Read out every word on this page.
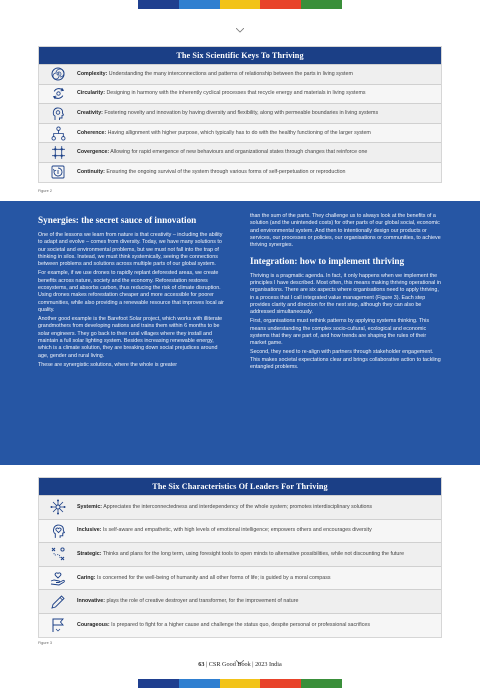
The Six Scientific Keys To Thriving
Complexity: Understanding the many interconnections and patterns of relationship between the parts in living system
Circularity: Designing in harmony with the inherently cyclical processes that recycle energy and materials in living systems
Creativity: Fostering novelty and innovation by having diversity and flexibility, along with permeable boundaries in living systems
Coherence: Having allignment with higher purpose, which typically has to do with the healthy functioning of the larger system
Covergence: Allowing for rapid emergence of new behaviours and organizational states through changes that reinforce one
Continuity: Ensuring the ongoing survival of the system through various forms of self-perpetuation or reproduction
Figure 2
Synergies: the secret sauce of innovation

One of the lessons we learn from nature is that creativity – including the ability to adapt and evolve – comes from diversity. Today, we have many solutions to our societal and environmental problems, but we must not fall into the trap of thinking in silos. Instead, we must think systemically, seeing the connections between problems and solutions across multiple parts of our global system.

For example, if we use drones to rapidly replant deforested areas, we create benefits across nature, society and the economy. Reforestation restores ecosystems, and absorbs carbon, thus reducing the risk of climate disruption. Using drones makes reforestation cheaper and more accessible for poorer communities, while also providing a renewable resource that improves local air quality.

Another good example is the Barefoot Solar project, which works with illiterate grandmothers from developing nations and trains them within 6 months to be solar engineers. They go back to their rural villages where they install and maintain a full solar lighting system. Besides increasing renewable energy, which is a climate solution, they are breaking down social prejudices around age, gender and rural living.

These are synergistic solutions, where the whole is greater

than the sum of the parts. They challenge us to always look at the benefits of a solution (and the unintended costs) for other parts of our global social, economic and environmental system. And then to intentionally design our products or services, our processes or policies, our organisations or communities, to achieve thriving synergies.

Integration: how to implement thriving

Thriving is a pragmatic agenda. In fact, it only happens when we implement the principles I have described. Most often, this means making thriving operational in organisations. There are six aspects where organisations need to apply thriving, in a process that I call integrated value management (Figure 3). Each step provides clarity and direction for the next step, although they can also be addressed simultaneously.

First, organisations must rethink patterns by applying systems thinking. This means understanding the complex socio-cultural, ecological and economic systems that they are part of, and how trends are shaping the rules of their market game.

Second, they need to re-align with partners through stakeholder engagement. This makes societal expectations clear and brings collaborative action to tackling entangled problems.

The Six Characteristics Of Leaders For Thriving
Systemic: Appreciates the interconnectedness and interdependency of the whole system; promotes interdisciplinary solutions
Inclusive: Is self-aware and empathetic, with high levels of emotional intelligence; empowers others and encourages diversity
Strategic: Thinks and plans for the long term, using foresight tools to open minds to alternative possibilities, while not discounting the future
Caring: Is concerned for the well-being of humanity and all other forms of life; is guided by a moral compass
Innovative: plays the role of creative destroyer and transformer, for the improvement of nature
Courageous: Is prepared to fight for a higher cause and challenge the status quo, despite personal or professional sacrifices
Figure 3
63 | CSR Good Book | 2023 India
